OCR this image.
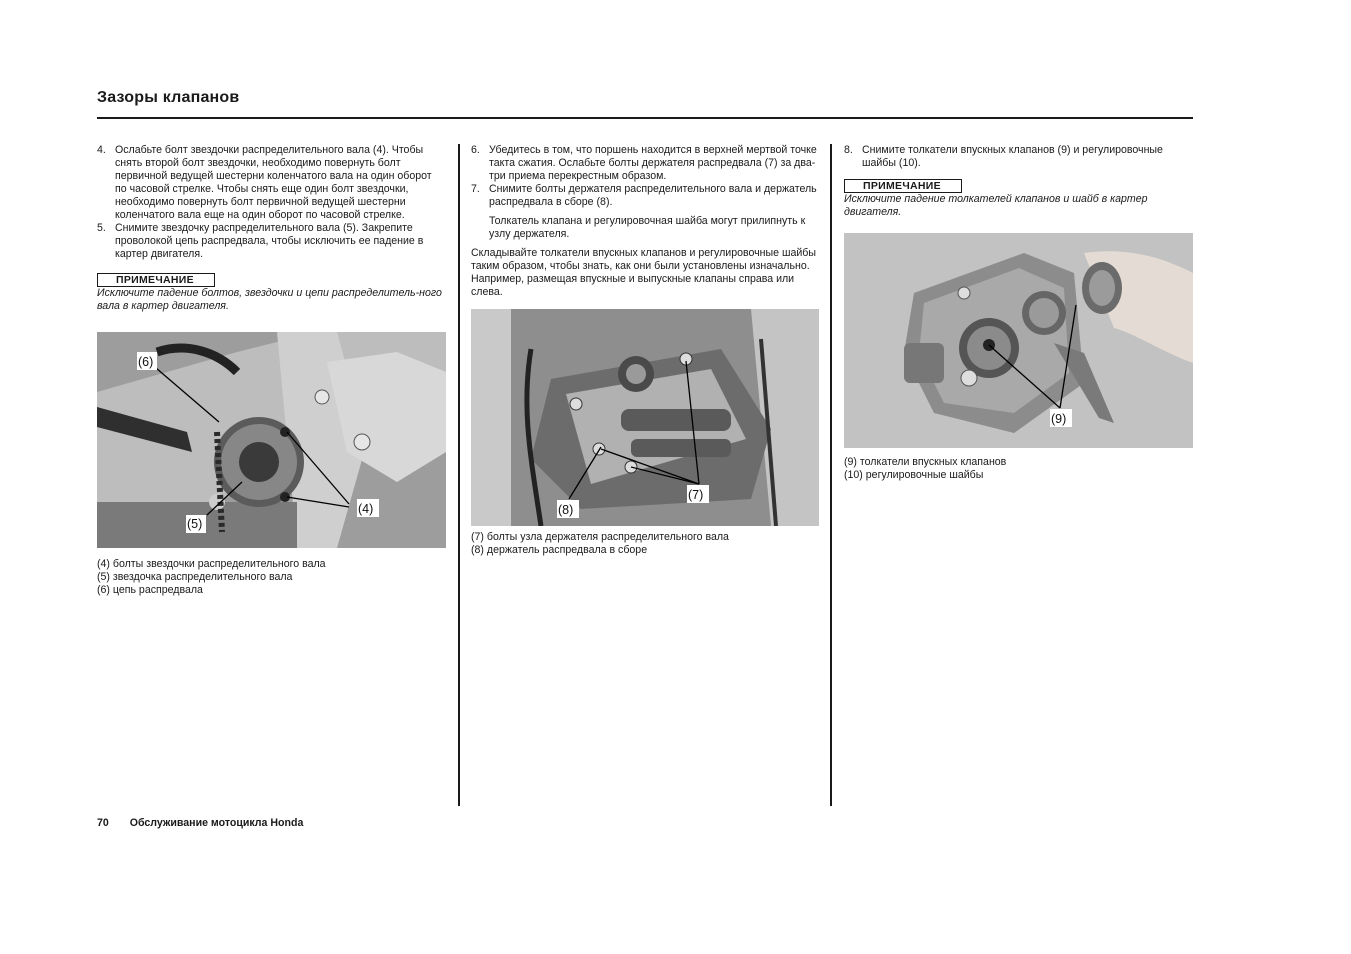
Зазоры клапанов
4. Ослабьте болт звездочки распределительного вала (4). Чтобы снять второй болт звездочки, необходимо повернуть болт первичной ведущей шестерни коленчатого вала на один оборот по часовой стрелке. Чтобы снять еще один болт звездочки, необходимо повернуть болт первичной ведущей шестерни коленчатого вала еще на один оборот по часовой стрелке.
5. Снимите звездочку распределительного вала (5). Закрепите проволокой цепь распредвала, чтобы исключить ее падение в картер двигателя.
ПРИМЕЧАНИЕ

Исключите падение болтов, звездочки и цепи распределитель-ного вала в картер двигателя.

(6)
(5)
(4)
(4) болты звездочки распределительного вала
(5) звездочка распределительного вала
(6) цепь распредвала
6. Убедитесь в том, что поршень находится в верхней мертвой точке такта сжатия. Ослабьте болты держателя распредвала (7) за два-три приема перекрестным образом.
7. Снимите болты держателя распределительного вала и держатель распредвала в сборе (8).

Толкатель клапана и регулировочная шайба могут прилипнуть к узлу держателя.

Складывайте толкатели впускных клапанов и регулировочные шайбы таким образом, чтобы знать, как они были установлены изначально. Например, размещая впускные и выпускные клапаны справа или слева.

(8)
(7)
(7) болты узла держателя распределительного вала
(8) держатель распредвала в сборе
8. Снимите толкатели впускных клапанов (9) и регулировочные шайбы (10).
ПРИМЕЧАНИЕ

Исключите падение толкателей клапанов и шайб в картер двигателя.

(9)
(9) толкатели впускных клапанов
(10) регулировочные шайбы
70 Обслуживание мотоцикла Honda
